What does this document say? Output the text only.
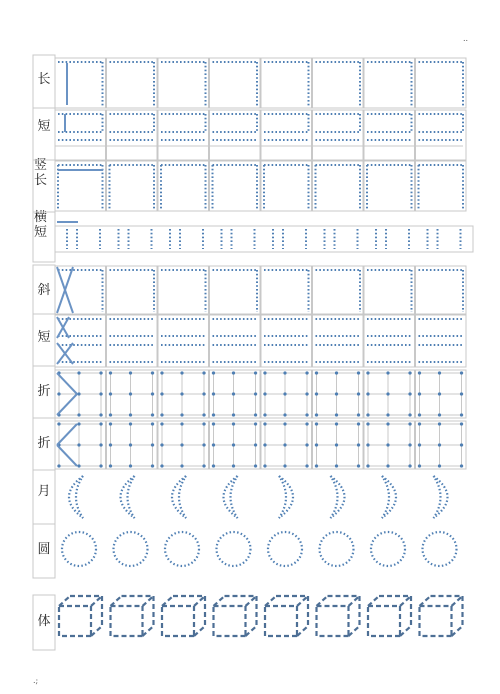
..
.;
长
短
竖长
横短
斜
短
折
折
月
圆
体
